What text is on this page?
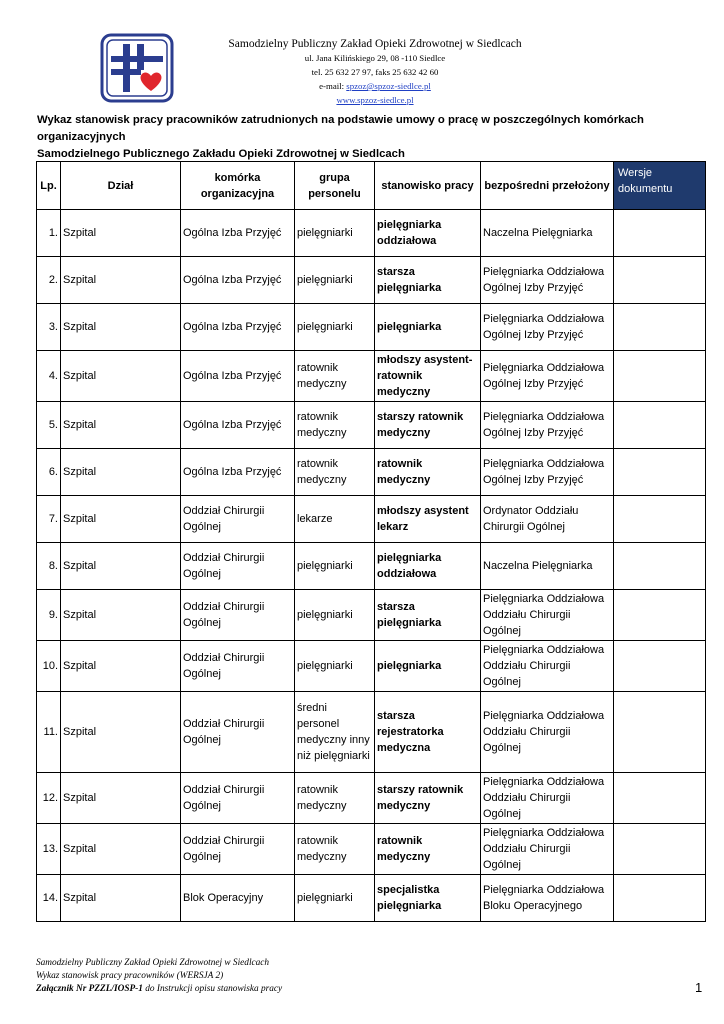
Samodzielny Publiczny Zakład Opieki Zdrowotnej w Siedlcach
ul. Jana Kilińskiego 29, 08 -110 Siedlce
tel. 25 632 27 97, faks 25 632 42 60
e-mail: spzoz@spzoz-siedlce.pl
www.spzoz-siedlce.pl
Wykaz stanowisk pracy pracowników zatrudnionych na podstawie umowy o pracę w poszczególnych komórkach organizacyjnych
Samodzielnego Publicznego Zakładu Opieki Zdrowotnej w Siedlcach
Lp.	Dział	komórka organizacyjna	grupa personelu	stanowisko pracy	bezpośredni przełożony	Wersje dokumentu
1.	Szpital	Ogólna Izba Przyjęć	pielęgniarki	pielęgniarka oddziałowa	Naczelna Pielęgniarka	
2.	Szpital	Ogólna Izba Przyjęć	pielęgniarki	starsza pielęgniarka	Pielęgniarka Oddziałowa Ogólnej Izby Przyjęć	
3.	Szpital	Ogólna Izba Przyjęć	pielęgniarki	pielęgniarka	Pielęgniarka Oddziałowa Ogólnej Izby Przyjęć	
4.	Szpital	Ogólna Izba Przyjęć	ratownik medyczny	młodszy asystent-ratownik medyczny	Pielęgniarka Oddziałowa Ogólnej Izby Przyjęć	
5.	Szpital	Ogólna Izba Przyjęć	ratownik medyczny	starszy ratownik medyczny	Pielęgniarka Oddziałowa Ogólnej Izby Przyjęć	
6.	Szpital	Ogólna Izba Przyjęć	ratownik medyczny	ratownik medyczny	Pielęgniarka Oddziałowa Ogólnej Izby Przyjęć	
7.	Szpital	Oddział Chirurgii Ogólnej	lekarze	młodszy asystent lekarz	Ordynator Oddziału Chirurgii Ogólnej	
8.	Szpital	Oddział Chirurgii Ogólnej	pielęgniarki	pielęgniarka oddziałowa	Naczelna Pielęgniarka	
9.	Szpital	Oddział Chirurgii Ogólnej	pielęgniarki	starsza pielęgniarka	Pielęgniarka Oddziałowa Oddziału Chirurgii Ogólnej	
10.	Szpital	Oddział Chirurgii Ogólnej	pielęgniarki	pielęgniarka	Pielęgniarka Oddziałowa Oddziału Chirurgii Ogólnej	
11.	Szpital	Oddział Chirurgii Ogólnej	średni personel medyczny inny niż pielęgniarki	starsza rejestratorka medyczna	Pielęgniarka Oddziałowa Oddziału Chirurgii Ogólnej	
12.	Szpital	Oddział Chirurgii Ogólnej	ratownik medyczny	starszy ratownik medyczny	Pielęgniarka Oddziałowa Oddziału Chirurgii Ogólnej	
13.	Szpital	Oddział Chirurgii Ogólnej	ratownik medyczny	ratownik medyczny	Pielęgniarka Oddziałowa Oddziału Chirurgii Ogólnej	
14.	Szpital	Blok Operacyjny	pielęgniarki	specjalistka pielęgniarka	Pielęgniarka Oddziałowa Bloku Operacyjnego	
Samodzielny Publiczny Zakład Opieki Zdrowotnej w Siedlcach
Wykaz stanowisk pracy pracowników (WERSJA 2)
Załącznik Nr PZZL/IOSP-1 do Instrukcji opisu stanowiska pracy	1
